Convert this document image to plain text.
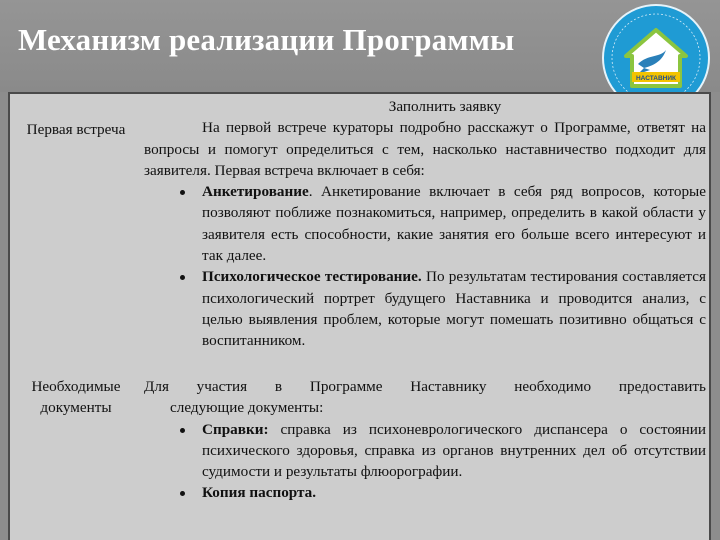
Механизм реализации Программы
НАСТАВНИК
Первая встреча
Заполнить заявку
На первой встрече кураторы подробно расскажут о Программе, ответят на вопросы и помогут определиться с тем, насколько наставничество подходит для заявителя. Первая встреча включает в себя:
Анкетирование. Анкетирование включает в себя ряд вопросов, которые позволяют поближе познакомиться, например, определить в какой области у заявителя есть способности, какие занятия его больше всего интересуют и так далее.
Психологическое тестирование. По результатам тестирования составляется психологический портрет будущего Наставника и проводится анализ, с целью выявления проблем, которые могут помешать позитивно общаться с воспитанником.
Необходимые документы
Для участия в Программе Наставнику необходимо предоставить
следующие документы:
Справки: справка из психоневрологического диспансера о состоянии психического здоровья, справка из органов внутренних дел об отсутствии судимости и результаты флюорографии.
Копия паспорта.
